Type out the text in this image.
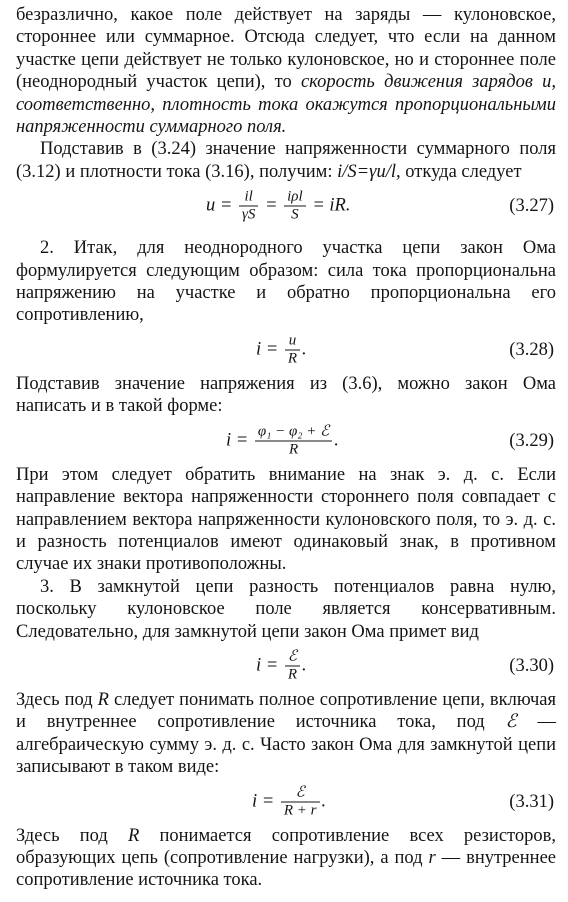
безразлично, какое поле действует на заряды — кулоновское, стороннее или суммарное. Отсюда следует, что если на данном участке цепи действует не только кулоновское, но и стороннее поле (неоднородный участок цепи), то скорость движения зарядов u, соответственно, плотность тока окажутся пропорциональными напряженности суммарного поля.

Подставив в (3.24) значение напряженности суммарного поля (3.12) и плотности тока (3.16), получим: i/S=γu/l, откуда следует

$u = \frac{il}{\gamma S} = \frac{\text{iρl}}{S}$ = iR.	(3.27)

2. Итак, для неоднородного участка цепи закон Ома формулируется следующим образом: сила тока пропорциональна напряжению на участке и обратно пропорциональна его сопротивлению,

$i = \frac{u}{R}$ .	(3.28)

Подставив значение напряжения из (3.6), можно закон Ома написать и в такой форме:

$i = \frac{\text{φ₁ − φ₂ + ℰ}}{R}$ .	(3.29)

При этом следует обратить внимание на знак э. д. с. Если направление вектора напряженности стороннего поля совпадает с направлением вектора напряженности кулоновского поля, то э. д. с. и разность потенциалов имеют одинаковый знак, в противном случае их знаки противоположны.

3. В замкнутой цепи разность потенциалов равна нулю, поскольку кулоновское поле является консервативным. Следовательно, для замкнутой цепи закон Ома примет вид

$i = \frac{\text{ℰ}}{R}$ .	(3.30)

Здесь под R следует понимать полное сопротивление цепи, включая и внутреннее сопротивление источника тока, под ℰ — алгебраическую сумму э. д. с. Часто закон Ома для замкнутой цепи записывают в таком виде:

$i = \frac{\text{ℰ}}{R + r}$ .	(3.31)

Здесь под R понимается сопротивление всех резисторов, образующих цепь (сопротивление нагрузки), а под r — внутреннее сопротивление источника тока.
